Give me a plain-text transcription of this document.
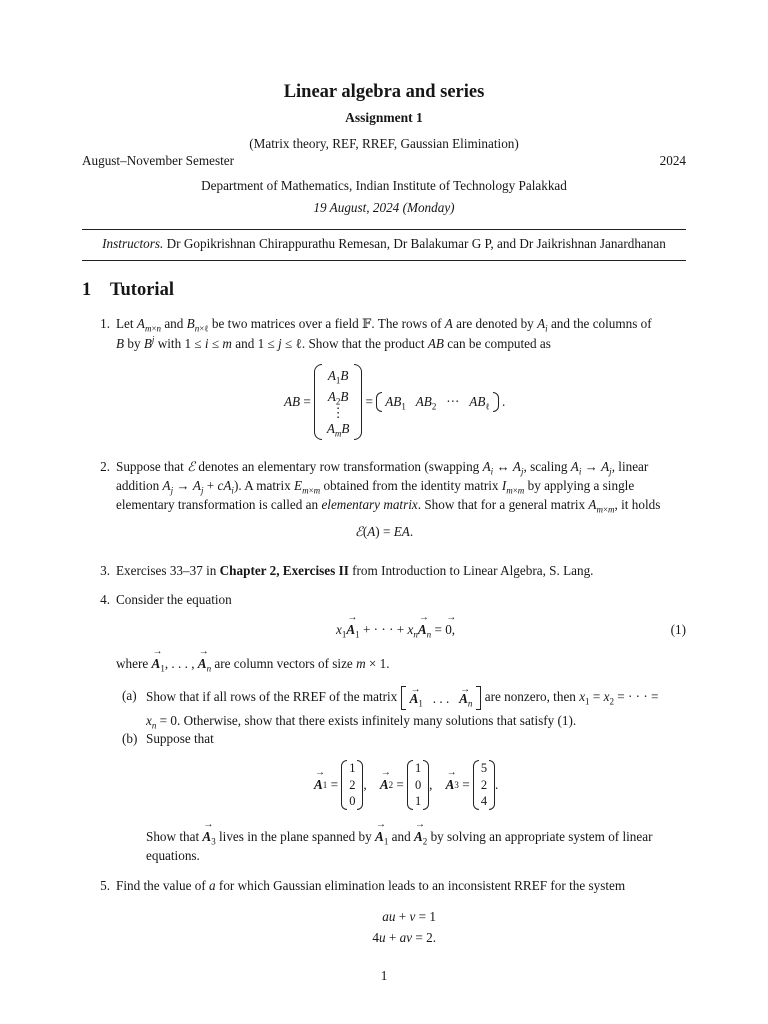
Linear algebra and series
Assignment 1
(Matrix theory, REF, RREF, Gaussian Elimination)
August–November Semester	2024
Department of Mathematics, Indian Institute of Technology Palakkad
19 August, 2024 (Monday)
Instructors. Dr Gopikrishnan Chirappurathu Remesan, Dr Balakumar G P, and Dr Jaikrishnan Janardhanan
1 Tutorial
1. Let $A_{m\times n}$ and $B_{n\times\ell}$ be two matrices over a field 𝔽. The rows of A are denoted by $A_i$ and the columns of
B by $B^j$ with 1 ≤ i ≤ m and 1 ≤ j ≤ ℓ. Show that the product AB can be computed as
AB =
$A_1B$
$A_2B$
⋮
$A_mB$
= $AB_1$ $AB_2$   ···   $AB_\ell$ .
2. Suppose that ℰ denotes an elementary row transformation (swapping $A_i$ ↔ $A_j$, scaling $A_i \to A_j$, linear
addition $A_j \to A_j + cA_i$). A matrix $E_{m\times m}$ obtained from the identity matrix $I_{m\times m}$ by applying a single
elementary transformation is called an elementary matrix. Show that for a general matrix $A_{m\times m}$, it holds
ℰ(A) = EA.
3. Exercises 33–37 in Chapter 2, Exercises II from Introduction to Linear Algebra, S. Lang.
4. Consider the equation
$x_1\to A_1$ + · · · + $x_n\to A_n$ = → 0,	(1)
where → $A_1$, . . . , → $A_n$ are column vectors of size m × 1.
(a) Show that if all rows of the RREF of the matrix → $A_1$   . . .   → $A_n$ are nonzero, then $x_1 = x_2$ = · · · =
$x_n = 0$. Otherwise, show that there exists infinitely many solutions that satisfy (1).
(b) Suppose that
→ A 1 =
1
2
0
, → A 2 =
1
0
1
, → A 3 =
5
2
4
.
Show that → $A_3$ lives in the plane spanned by → $A_1$ and → $A_2$ by solving an appropriate system of linear
equations.
5. Find the value of a for which Gaussian elimination leads to an inconsistent RREF for the system
au + v = 1
4u + av = 2.
1
